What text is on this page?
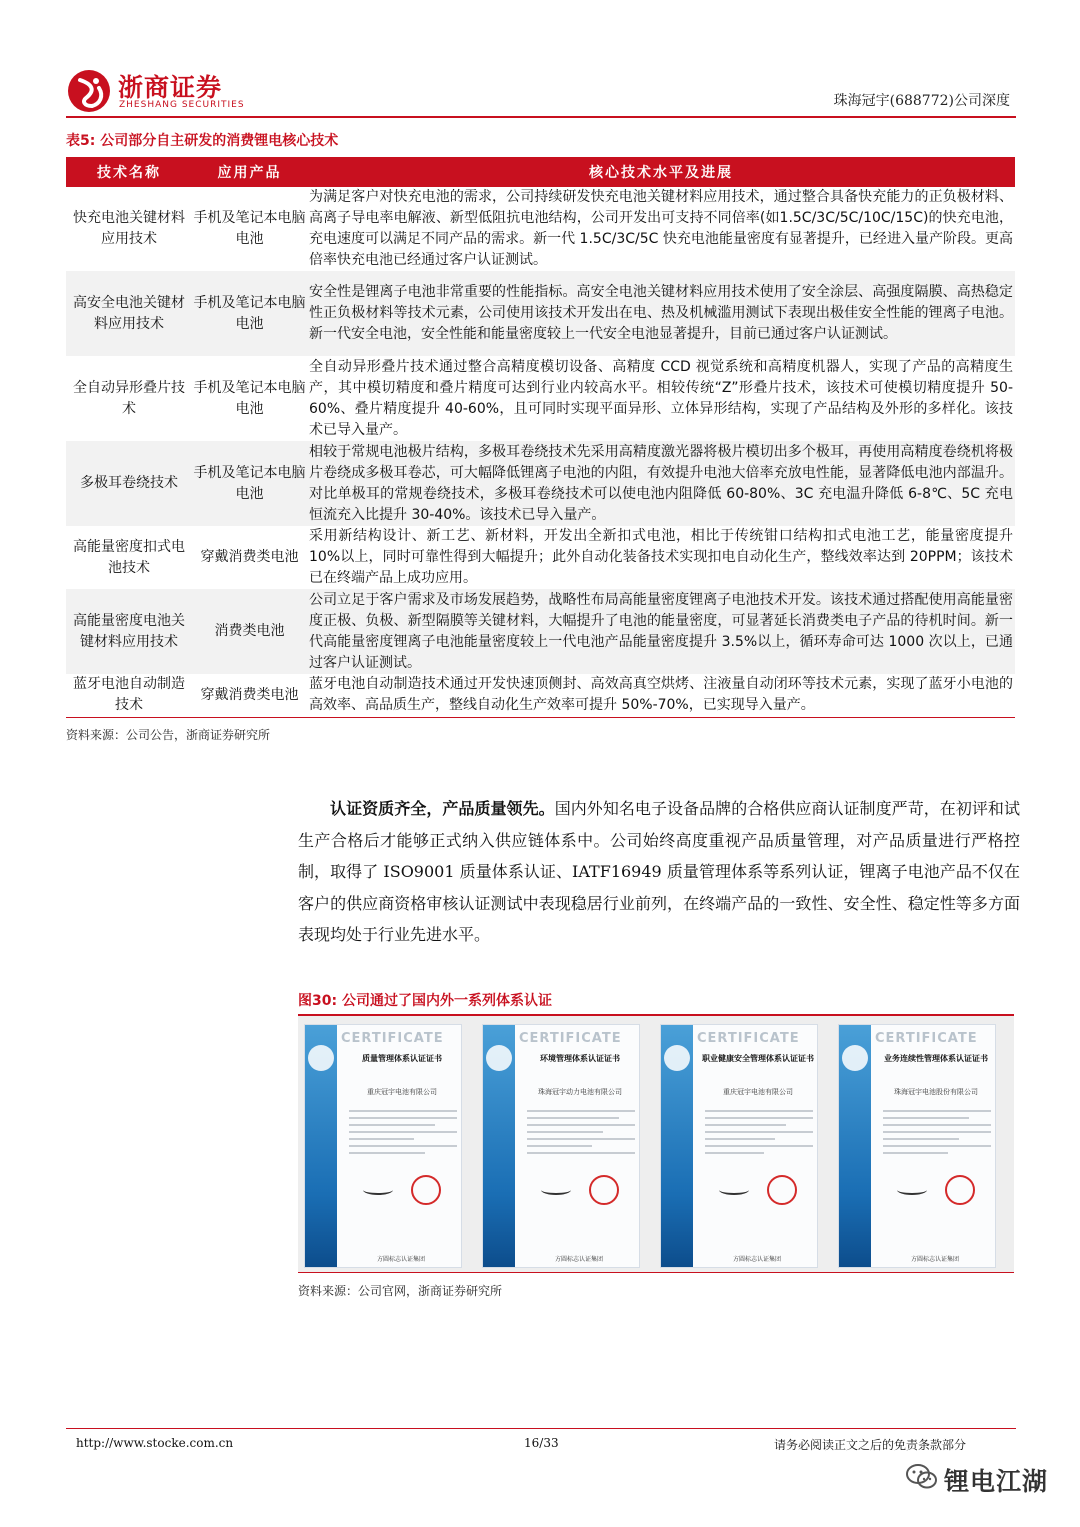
浙商证券
ZHESHANG SECURITIES	珠海冠宇(688772)公司深度
表5: 公司部分自主研发的消费锂电核心技术
技术名称	应用产品	核心技术水平及进展
快充电池关键材料应用技术	手机及笔记本电脑电池	为满足客户对快充电池的需求，公司持续研发快充电池关键材料应用技术，通过整合具备快充能力的正负极材料、高离子导电率电解液、新型低阻抗电池结构，公司开发出可支持不同倍率(如1.5C/3C/5C/10C/15C)的快充电池，充电速度可以满足不同产品的需求。新一代 1.5C/3C/5C 快充电池能量密度有显著提升，已经进入量产阶段。更高倍率快充电池已经通过客户认证测试。
高安全电池关键材料应用技术	手机及笔记本电脑电池	安全性是锂离子电池非常重要的性能指标。高安全电池关键材料应用技术使用了安全涂层、高强度隔膜、高热稳定性正负极材料等技术元素，公司使用该技术开发出在电、热及机械滥用测试下表现出极佳安全性能的锂离子电池。新一代安全电池，安全性能和能量密度较上一代安全电池显著提升，目前已通过客户认证测试。
全自动异形叠片技术	手机及笔记本电脑电池	全自动异形叠片技术通过整合高精度模切设备、高精度 CCD 视觉系统和高精度机器人，实现了产品的高精度生产，其中模切精度和叠片精度可达到行业内较高水平。相较传统“Z”形叠片技术，该技术可使模切精度提升 50-60%、叠片精度提升 40-60%，且可同时实现平面异形、立体异形结构，实现了产品结构及外形的多样化。该技术已导入量产。
多极耳卷绕技术	手机及笔记本电脑电池	相较于常规电池极片结构，多极耳卷绕技术先采用高精度激光器将极片模切出多个极耳，再使用高精度卷绕机将极片卷绕成多极耳卷芯，可大幅降低锂离子电池的内阻，有效提升电池大倍率充放电性能，显著降低电池内部温升。对比单极耳的常规卷绕技术，多极耳卷绕技术可以使电池内阻降低 60-80%、3C 充电温升降低 6-8℃、5C 充电恒流充入比提升 30-40%。该技术已导入量产。
高能量密度扣式电池技术	穿戴消费类电池	采用新结构设计、新工艺、新材料，开发出全新扣式电池，相比于传统钳口结构扣式电池工艺，能量密度提升 10%以上，同时可靠性得到大幅提升；此外自动化装备技术实现扣电自动化生产，整线效率达到 20PPM；该技术已在终端产品上成功应用。
高能量密度电池关键材料应用技术	消费类电池	公司立足于客户需求及市场发展趋势，战略性布局高能量密度锂离子电池技术开发。该技术通过搭配使用高能量密度正极、负极、新型隔膜等关键材料，大幅提升了电池的能量密度，可显著延长消费类电子产品的待机时间。新一代高能量密度锂离子电池能量密度较上一代电池产品能量密度提升 3.5%以上，循环寿命可达 1000 次以上，已通过客户认证测试。
蓝牙电池自动制造技术	穿戴消费类电池	蓝牙电池自动制造技术通过开发快速顶侧封、高效高真空烘烤、注液量自动闭环等技术元素，实现了蓝牙小电池的高效率、高品质生产，整线自动化生产效率可提升 50%-70%，已实现导入量产。
资料来源：公司公告，浙商证券研究所
认证资质齐全，产品质量领先。国内外知名电子设备品牌的合格供应商认证制度严苛，在初评和试生产合格后才能够正式纳入供应链体系中。公司始终高度重视产品质量管理，对产品质量进行严格控制，取得了 ISO9001 质量体系认证、IATF16949 质量管理体系等系列认证，锂离子电池产品不仅在客户的供应商资格审核认证测试中表现稳居行业前列，在终端产品的一致性、安全性、稳定性等多方面表现均处于行业先进水平。
图30: 公司通过了国内外一系列体系认证
CERTIFICATE
质量管理体系认证证书
重庆冠宇电池有限公司
方圆标志认证集团
CERTIFICATE
环境管理体系认证证书
珠海冠宇动力电池有限公司
方圆标志认证集团
CERTIFICATE
职业健康安全管理体系认证证书
重庆冠宇电池有限公司
方圆标志认证集团
CERTIFICATE
业务连续性管理体系认证证书
珠海冠宇电池股份有限公司
方圆标志认证集团
资料来源：公司官网，浙商证券研究所
http://www.stocke.com.cn	16/33	请务必阅读正文之后的免责条款部分
锂电江湖
